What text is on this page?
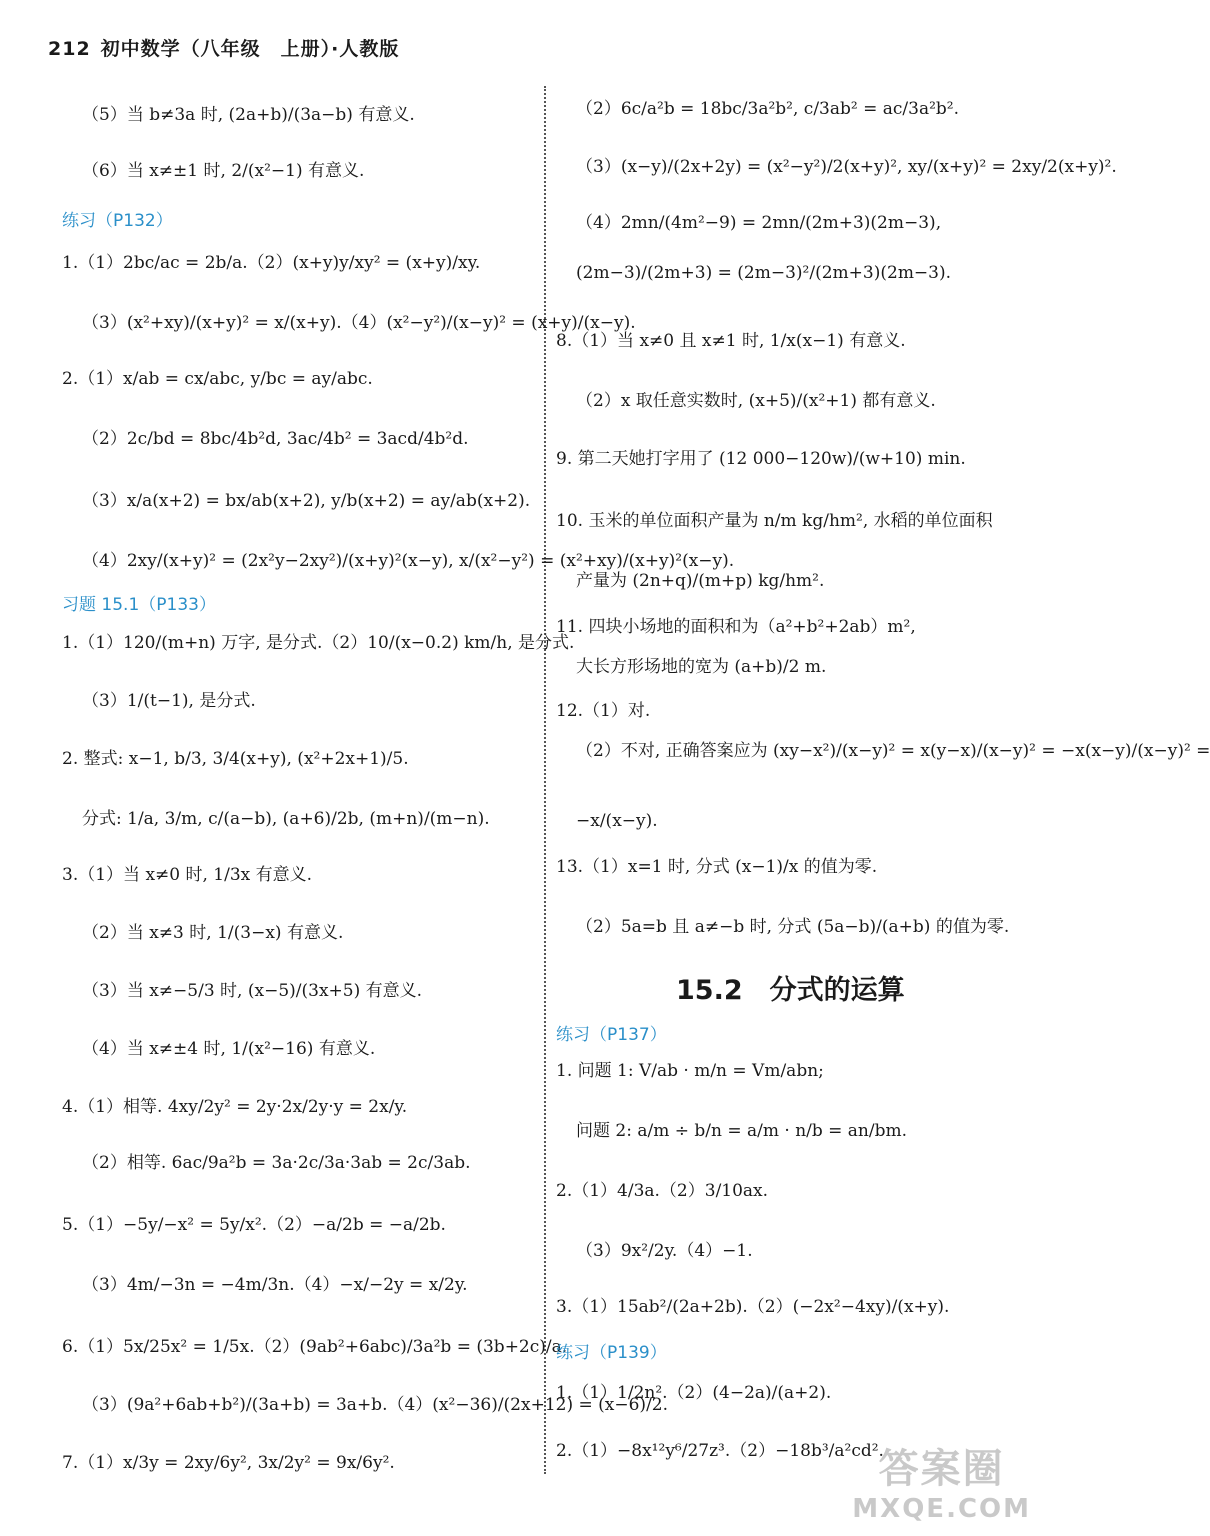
212 初中数学（八年级　上册）·人教版
（5）当 b≠3a 时, (2a+b)/(3a−b) 有意义.
（6）当 x≠±1 时, 2/(x²−1) 有意义.
练习（P132）
1.（1）2bc/ac = 2b/a.（2）(x+y)y/xy² = (x+y)/xy.
（3）(x²+xy)/(x+y)² = x/(x+y).（4）(x²−y²)/(x−y)² = (x+y)/(x−y).
2.（1）x/ab = cx/abc, y/bc = ay/abc.
（2）2c/bd = 8bc/4b²d, 3ac/4b² = 3acd/4b²d.
（3）x/a(x+2) = bx/ab(x+2), y/b(x+2) = ay/ab(x+2).
（4）2xy/(x+y)² = (2x²y−2xy²)/(x+y)²(x−y), x/(x²−y²) = (x²+xy)/(x+y)²(x−y).
习题 15.1（P133）
1.（1）120/(m+n) 万字, 是分式.（2）10/(x−0.2) km/h, 是分式.
（3）1/(t−1), 是分式.
2. 整式: x−1, b/3, 3/4(x+y), (x²+2x+1)/5.
分式: 1/a, 3/m, c/(a−b), (a+6)/2b, (m+n)/(m−n).
3.（1）当 x≠0 时, 1/3x 有意义.
（2）当 x≠3 时, 1/(3−x) 有意义.
（3）当 x≠−5/3 时, (x−5)/(3x+5) 有意义.
（4）当 x≠±4 时, 1/(x²−16) 有意义.
4.（1）相等. 4xy/2y² = 2y·2x/2y·y = 2x/y.
（2）相等. 6ac/9a²b = 3a·2c/3a·3ab = 2c/3ab.
5.（1）−5y/−x² = 5y/x².（2）−a/2b = −a/2b.
（3）4m/−3n = −4m/3n.（4）−x/−2y = x/2y.
6.（1）5x/25x² = 1/5x.（2）(9ab²+6abc)/3a²b = (3b+2c)/a.
（3）(9a²+6ab+b²)/(3a+b) = 3a+b.（4）(x²−36)/(2x+12) = (x−6)/2.
7.（1）x/3y = 2xy/6y², 3x/2y² = 9x/6y².
（2）6c/a²b = 18bc/3a²b², c/3ab² = ac/3a²b².
（3）(x−y)/(2x+2y) = (x²−y²)/2(x+y)², xy/(x+y)² = 2xy/2(x+y)².
（4）2mn/(4m²−9) = 2mn/(2m+3)(2m−3),
(2m−3)/(2m+3) = (2m−3)²/(2m+3)(2m−3).
8.（1）当 x≠0 且 x≠1 时, 1/x(x−1) 有意义.
（2）x 取任意实数时, (x+5)/(x²+1) 都有意义.
9. 第二天她打字用了 (12 000−120w)/(w+10) min.
10. 玉米的单位面积产量为 n/m kg/hm², 水稻的单位面积
产量为 (2n+q)/(m+p) kg/hm².
11. 四块小场地的面积和为（a²+b²+2ab）m²,
大长方形场地的宽为 (a+b)/2 m.
12.（1）对.
（2）不对, 正确答案应为 (xy−x²)/(x−y)² = x(y−x)/(x−y)² = −x(x−y)/(x−y)² =
−x/(x−y).
13.（1）x=1 时, 分式 (x−1)/x 的值为零.
（2）5a=b 且 a≠−b 时, 分式 (5a−b)/(a+b) 的值为零.
15.2　分式的运算
练习（P137）
1. 问题 1: V/ab · m/n = Vm/abn;
问题 2: a/m ÷ b/n = a/m · n/b = an/bm.
2.（1）4/3a.（2）3/10ax.
（3）9x²/2y.（4）−1.
3.（1）15ab²/(2a+2b).（2）(−2x²−4xy)/(x+y).
练习（P139）
1.（1）1/2n².（2）(4−2a)/(a+2).
2.（1）−8x¹²y⁶/27z³.（2）−18b³/a²cd².
答案圈
MXQE.COM
